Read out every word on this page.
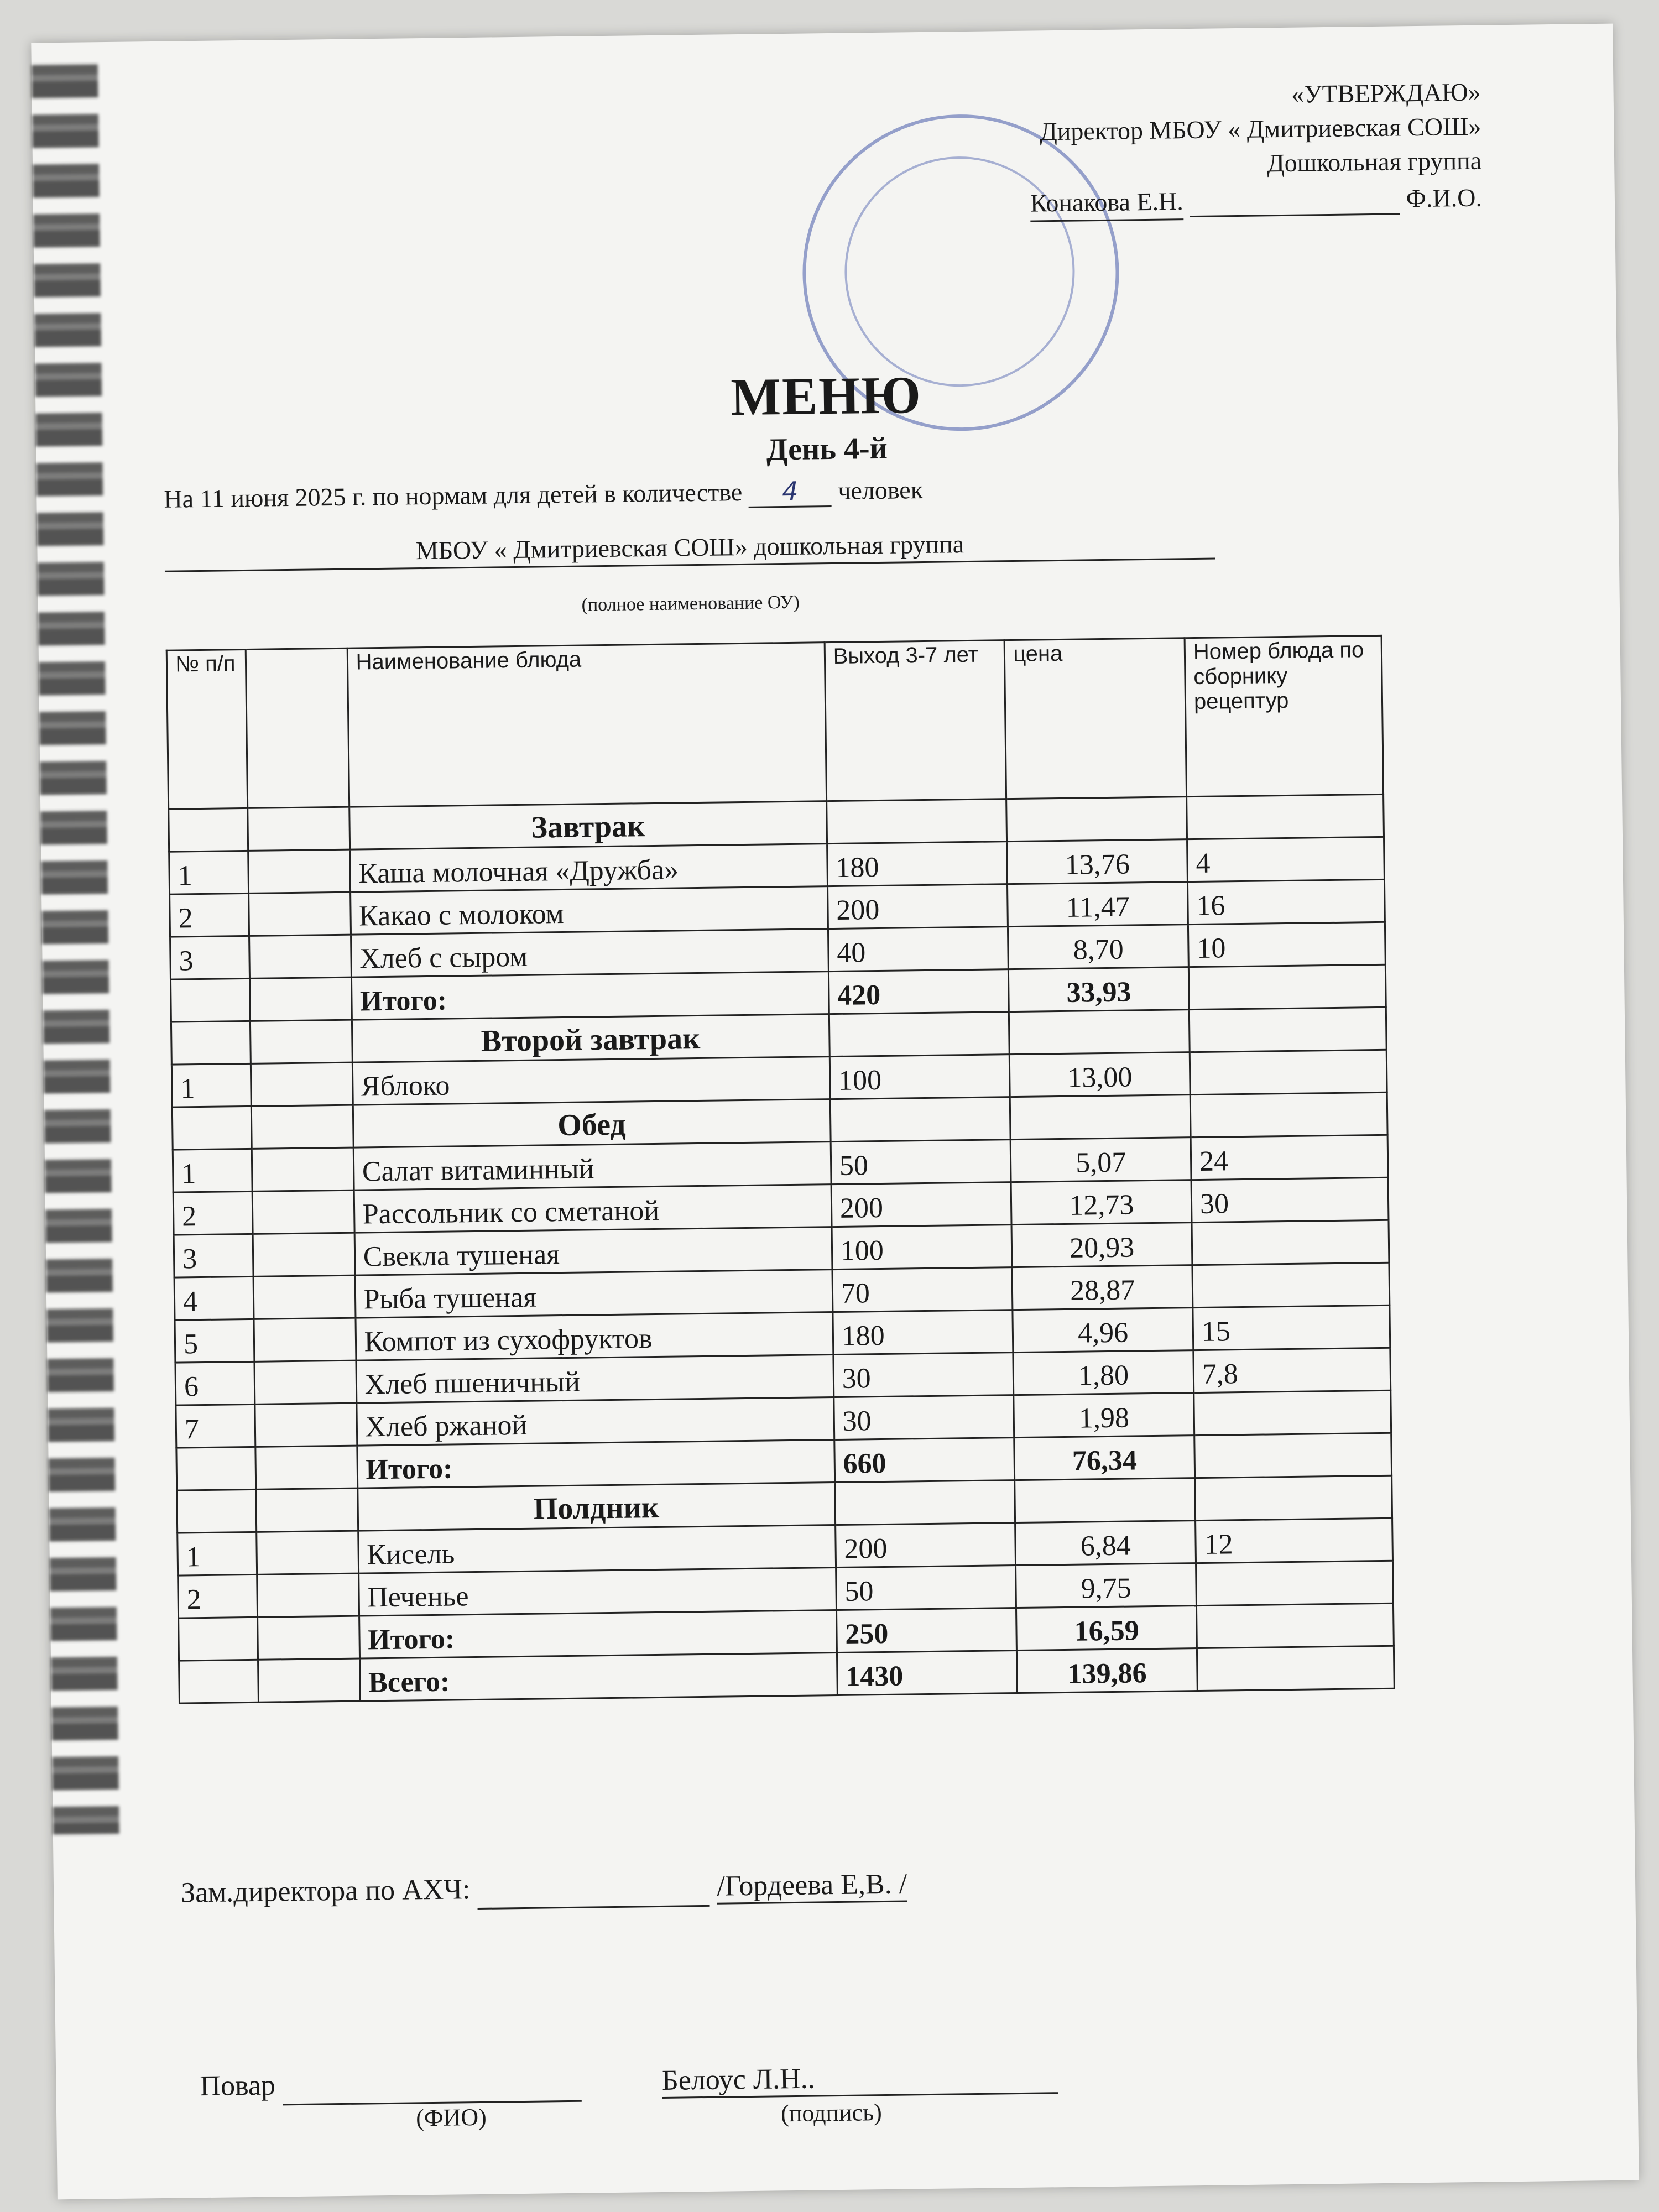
«УТВЕРЖДАЮ»
Директор МБОУ « Дмитриевская СОШ»
Дошкольная группа
Конакова Е.Н.	​ Ф.И.О.
МЕНЮ
День 4-й
На 11 июня 2025 г. по нормам для детей в количестве 4 человек
МБОУ « Дмитриевская СОШ» дошкольная группа
(полное наименование ОУ)
№ п/п		Наименование блюда	Выход 3-7 лет	цена	Номер блюда по сборнику рецептур
		Завтрак			
1		Каша молочная «Дружба»	180	13,76	4
2		Какао с молоком	200	11,47	16
3		Хлеб с сыром	40	8,70	10
		Итого:	420	33,93	
		Второй завтрак			
1		Яблоко	100	13,00	
		Обед			
1		Салат витаминный	50	5,07	24
2		Рассольник со сметаной	200	12,73	30
3		Свекла тушеная	100	20,93	
4		Рыба тушеная	70	28,87	
5		Компот из сухофруктов	180	4,96	15
6		Хлеб пшеничный	30	1,80	7,8
7		Хлеб ржаной	30	1,98	
		Итого:	660	76,34	
		Полдник			
1		Кисель	200	6,84	12
2		Печенье	50	9,75	
		Итого:	250	16,59	
		Всего:	1430	139,86	
Зам.директора по АХЧ:	​	/Гордеева Е,В. /
Повар	​	Белоус Л.Н..
(ФИО)	(подпись)
